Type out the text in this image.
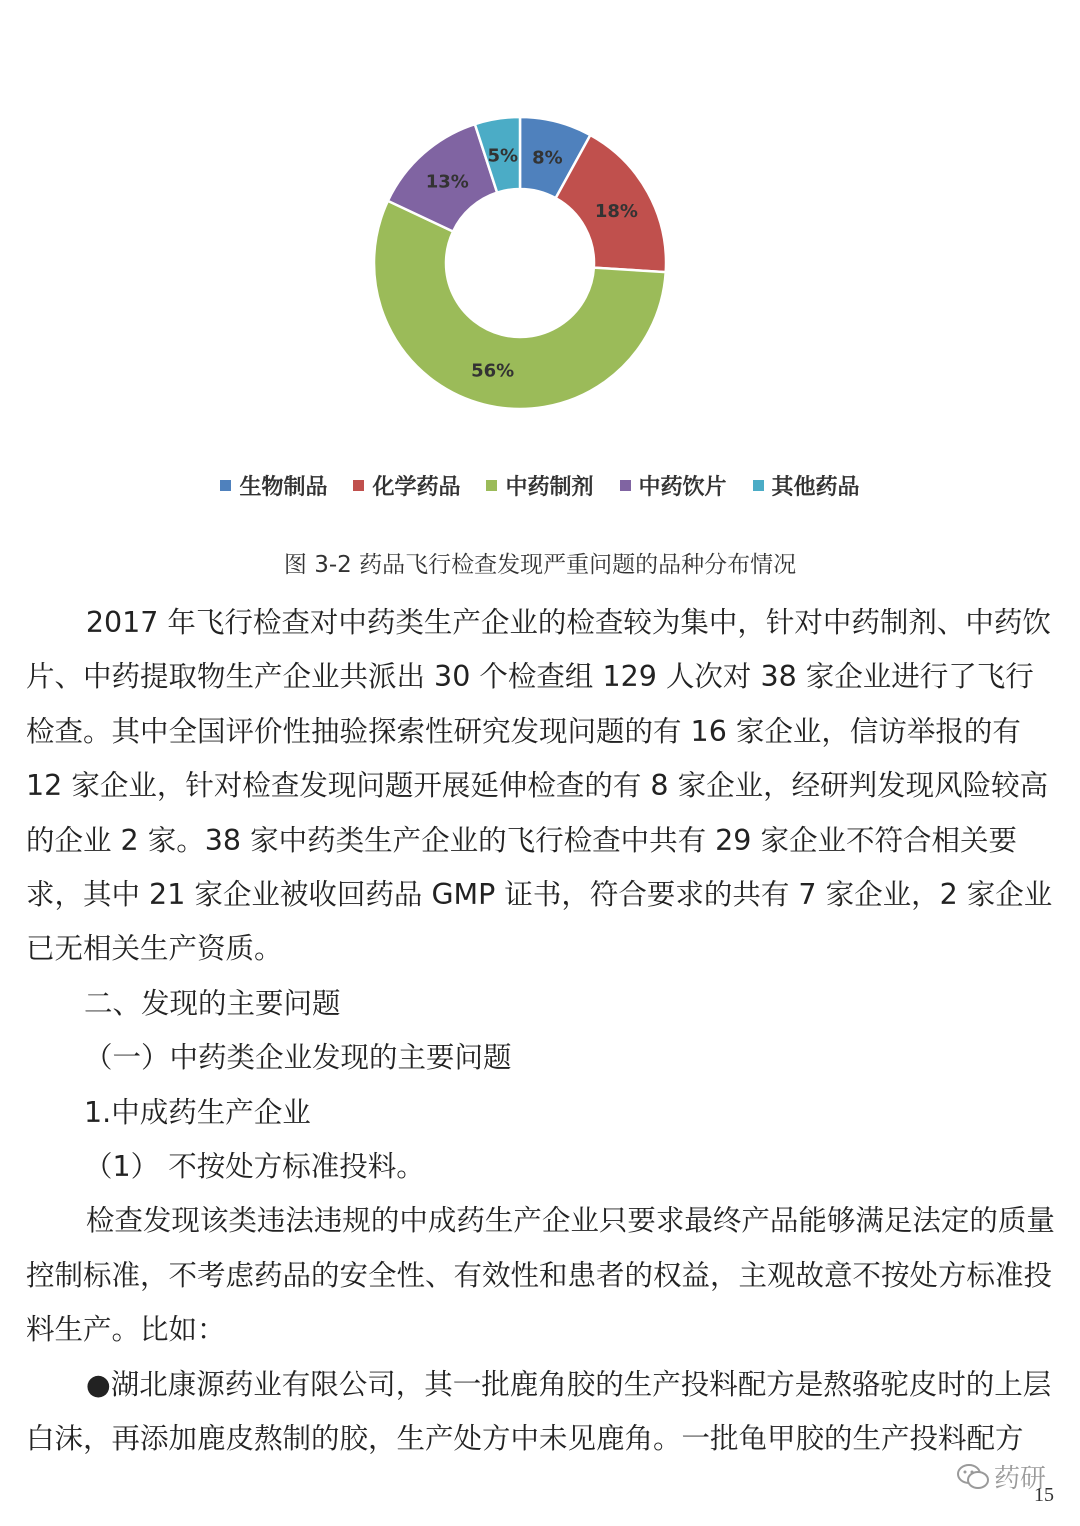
8%
18%
56%
13%
5%
生物制品 化学药品 中药制剂 中药饮片 其他药品
图 3-2 药品飞行检查发现严重问题的品种分布情况

2017 年飞行检查对中药类生产企业的检查较为集中，针对中药制剂、中药饮片、中药提取物生产企业共派出 30 个检查组 129 人次对 38 家企业进行了飞行检查。其中全国评价性抽验探索性研究发现问题的有 16 家企业，信访举报的有 12 家企业，针对检查发现问题开展延伸检查的有 8 家企业，经研判发现风险较高的企业 2 家。38 家中药类生产企业的飞行检查中共有 29 家企业不符合相关要求，其中 21 家企业被收回药品 GMP 证书，符合要求的共有 7 家企业，2 家企业已无相关生产资质。

二、发现的主要问题

（一）中药类企业发现的主要问题

1.中成药生产企业

（1） 不按处方标准投料。

检查发现该类违法违规的中成药生产企业只要求最终产品能够满足法定的质量控制标准，不考虑药品的安全性、有效性和患者的权益，主观故意不按处方标准投料生产。比如：

●湖北康源药业有限公司，其一批鹿角胶的生产投料配方是熬骆驼皮时的上层白沫，再添加鹿皮熬制的胶，生产处方中未见鹿角。一批龟甲胶的生产投料配方

药研
15
